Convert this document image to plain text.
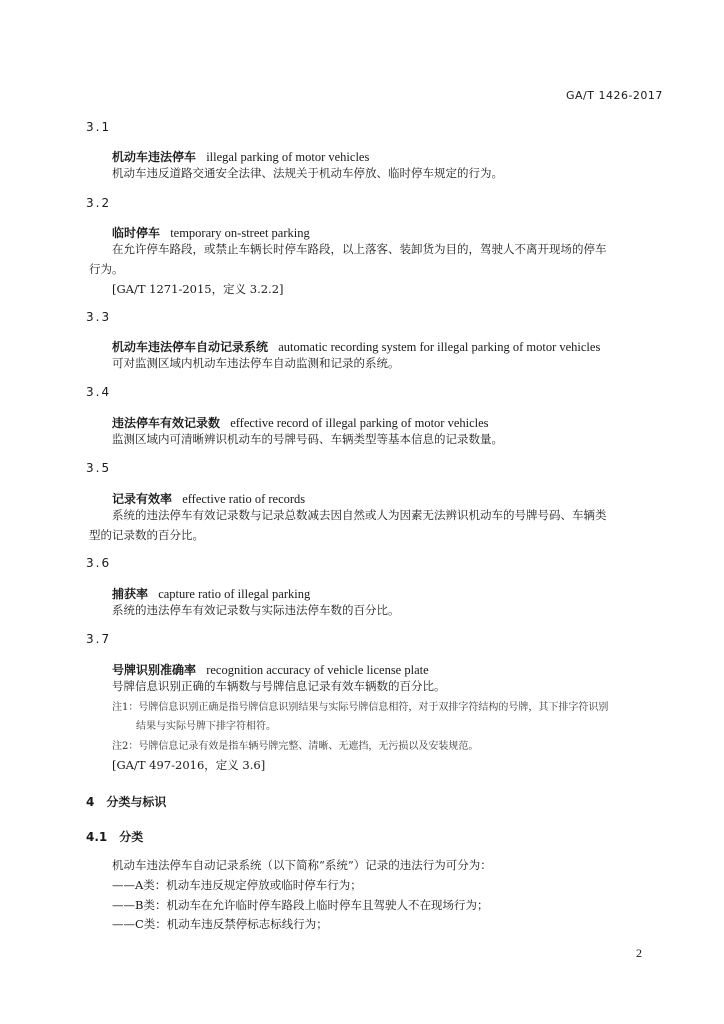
GA/T 1426-2017
3.1
机动车违法停车 illegal parking of motor vehicles
机动车违反道路交通安全法律、法规关于机动车停放、临时停车规定的行为。
3.2
临时停车 temporary on-street parking
在允许停车路段，或禁止车辆长时停车路段，以上落客、装卸货为目的，驾驶人不离开现场的停车
行为。
[GA/T 1271-2015，定义 3.2.2]
3.3
机动车违法停车自动记录系统 automatic recording system for illegal parking of motor vehicles
可对监测区域内机动车违法停车自动监测和记录的系统。
3.4
违法停车有效记录数 effective record of illegal parking of motor vehicles
监测区域内可清晰辨识机动车的号牌号码、车辆类型等基本信息的记录数量。
3.5
记录有效率 effective ratio of records
系统的违法停车有效记录数与记录总数减去因自然或人为因素无法辨识机动车的号牌号码、车辆类
型的记录数的百分比。
3.6
捕获率 capture ratio of illegal parking
系统的违法停车有效记录数与实际违法停车数的百分比。
3.7
号牌识别准确率 recognition accuracy of vehicle license plate
号牌信息识别正确的车辆数与号牌信息记录有效车辆数的百分比。
注1：号牌信息识别正确是指号牌信息识别结果与实际号牌信息相符，对于双排字符结构的号牌，其下排字符识别
结果与实际号牌下排字符相符。
注2：号牌信息记录有效是指车辆号牌完整、清晰、无遮挡，无污损以及安装规范。
[GA/T 497-2016，定义 3.6]
4　分类与标识
4.1　分类
机动车违法停车自动记录系统（以下简称“系统”）记录的违法行为可分为：
——A类：机动车违反规定停放或临时停车行为；
——B类：机动车在允许临时停车路段上临时停车且驾驶人不在现场行为；
——C类：机动车违反禁停标志标线行为；
2
